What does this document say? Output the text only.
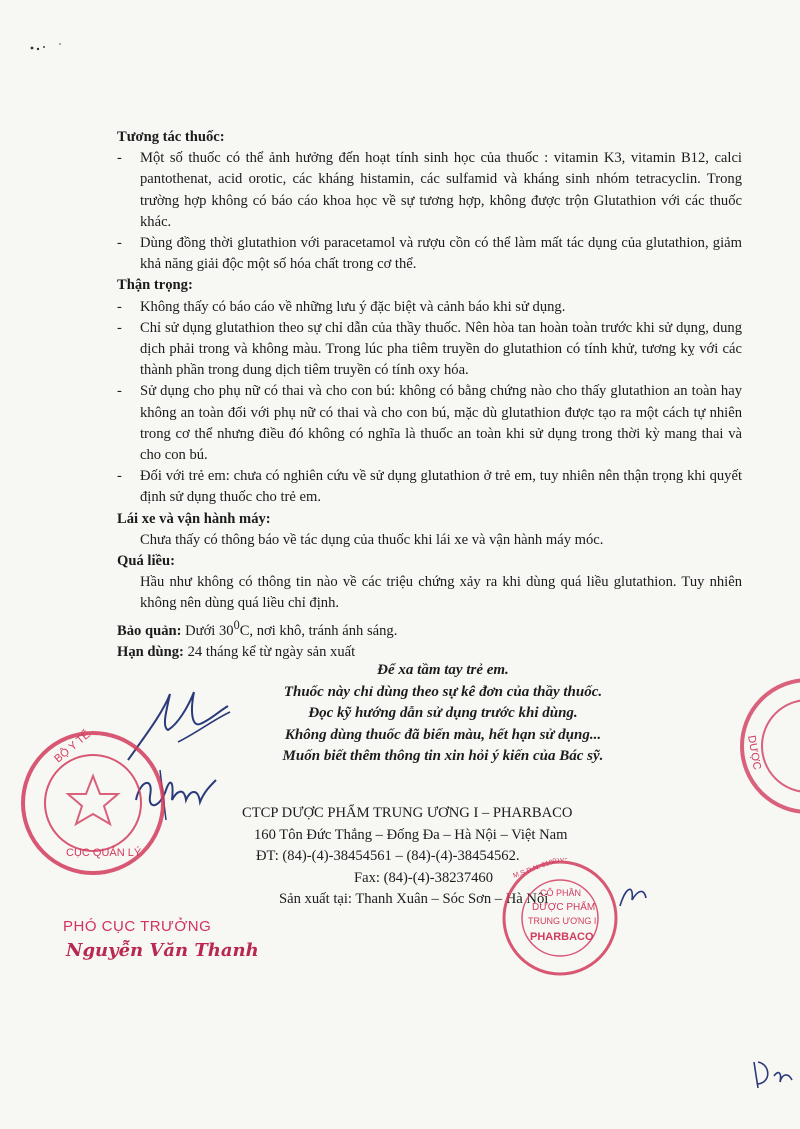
Tương tác thuốc:
- Một số thuốc có thể ảnh hưởng đến hoạt tính sinh học của thuốc : vitamin K3, vitamin B12, calci pantothenat, acid orotic, các kháng histamin, các sulfamid và kháng sinh nhóm tetracyclin. Trong trường hợp không có báo cáo khoa học về sự tương hợp, không được trộn Glutathion với các thuốc khác.
- Dùng đồng thời glutathion với paracetamol và rượu cồn có thể làm mất tác dụng của glutathion, giảm khả năng giải độc một số hóa chất trong cơ thể.
Thận trọng:
- Không thấy có báo cáo về những lưu ý đặc biệt và cảnh báo khi sử dụng.
- Chỉ sử dụng glutathion theo sự chỉ dẫn của thầy thuốc. Nên hòa tan hoàn toàn trước khi sử dụng, dung dịch phải trong và không màu. Trong lúc pha tiêm truyền do glutathion có tính khử, tương kỵ với các thành phần trong dung dịch tiêm truyền có tính oxy hóa.
- Sử dụng cho phụ nữ có thai và cho con bú: không có bằng chứng nào cho thấy glutathion an toàn hay không an toàn đối với phụ nữ có thai và cho con bú, mặc dù glutathion được tạo ra một cách tự nhiên trong cơ thể nhưng điều đó không có nghĩa là thuốc an toàn khi sử dụng trong thời kỳ mang thai và cho con bú.
- Đối với trẻ em: chưa có nghiên cứu về sử dụng glutathion ở trẻ em, tuy nhiên nên thận trọng khi quyết định sử dụng thuốc cho trẻ em.
Lái xe và vận hành máy:
Chưa thấy có thông báo về tác dụng của thuốc khi lái xe và vận hành máy móc.
Quá liều:
Hầu như không có thông tin nào về các triệu chứng xảy ra khi dùng quá liều glutathion. Tuy nhiên không nên dùng quá liều chỉ định.
Bảo quản: Dưới $30^0C$, nơi khô, tránh ánh sáng.
Hạn dùng: 24 tháng kể từ ngày sản xuất
Để xa tầm tay trẻ em.
Thuốc này chỉ dùng theo sự kê đơn của thầy thuốc.
Đọc kỹ hướng dẫn sử dụng trước khi dùng.
Không dùng thuốc đã biến màu, hết hạn sử dụng...
Muốn biết thêm thông tin xin hỏi ý kiến của Bác sỹ.
CTCP DƯỢC PHẨM TRUNG ƯƠNG I – PHARBACO
160 Tôn Đức Thắng – Đống Đa – Hà Nội – Việt Nam
ĐT: (84)-(4)-38454561 – (84)-(4)-38454562.
Fax: (84)-(4)-38237460
Sản xuất tại: Thanh Xuân – Sóc Sơn – Hà Nội
BỘ Y TẾ
CỤC QUẢN LÝ
CÔ PHẦN
DƯỢC PHẨM
TRUNG ƯƠNG I
PHARBACO
M.S.D.N: 0100109032
DƯỢC
PHÓ CỤC TRƯỞNG
Nguyễn Văn Thanh
